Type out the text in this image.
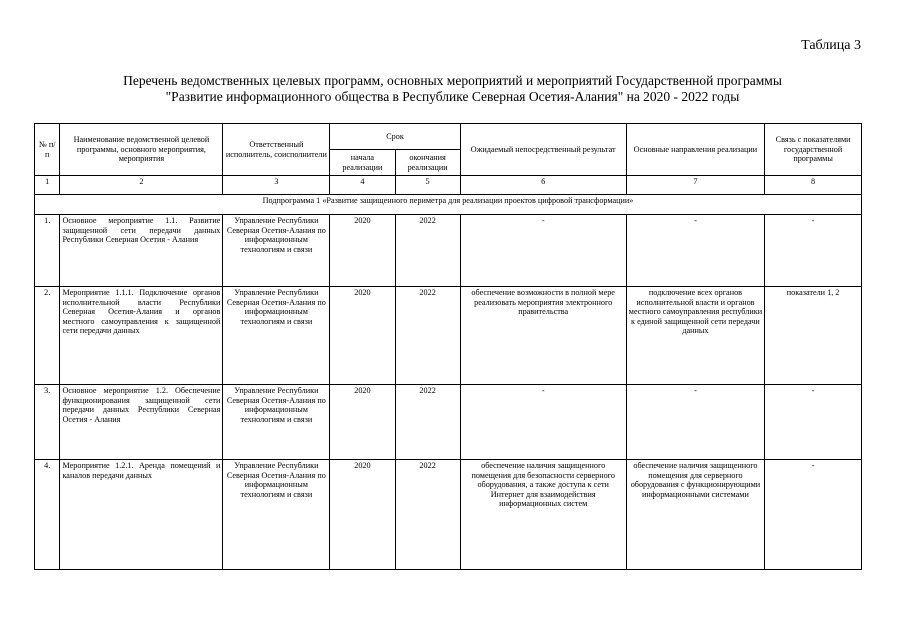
Таблица 3
Перечень ведомственных целевых программ, основных мероприятий и мероприятий Государственной программы
"Развитие информационного общества в Республике Северная Осетия-Алания" на 2020 - 2022 годы
№ п/п	Наименование ведомственной целевой программы, основного мероприятия, мероприятия	Ответственный исполнитель, соисполнители	Срок		Ожидаемый непосредственный результат	Основные направления реализации	Связь с показателями государственной программы
			начала реализации	окончания реализации			
1	2	3	4	5	6	7	8
Подпрограмма 1 «Развитие защищенного периметра для реализации проектов цифровой трансформации»							
1.	Основное мероприятие 1.1. Развитие защищенной сети передачи данных Республики Северная Осетия - Алания	Управление Республики Северная Осетия-Алания по информационным технологиям и связи	2020	2022	-	-	-
2.	Мероприятие 1.1.1. Подключение органов исполнительной власти Республики Северная Осетия-Алания и органов местного самоуправления к защищенной сети передачи данных	Управление Республики Северная Осетия-Алания по информационным технологиям и связи	2020	2022	обеспечение возможности в полной мере реализовать мероприятия электронного правительства	подключение всех органов исполнительной власти и органов местного самоуправления республики к единой защищенной сети передачи данных	показатели 1, 2
3.	Основное мероприятие 1.2. Обеспечение функционирования защищенной сети передачи данных Республики Северная Осетия - Алания	Управление Республики Северная Осетия-Алания по информационным технологиям и связи	2020	2022	-	-	-
4.	Мероприятие 1.2.1. Аренда помещений и каналов передачи данных	Управление Республики Северная Осетия-Алания по информационным технологиям и связи	2020	2022	обеспечение наличия защищенного помещения для безопасности серверного оборудования, а также доступа к сети Интернет для взаимодействия информационных систем	обеспечение наличия защищенного помещения для серверного оборудования с функционирующими информационными системами	-
